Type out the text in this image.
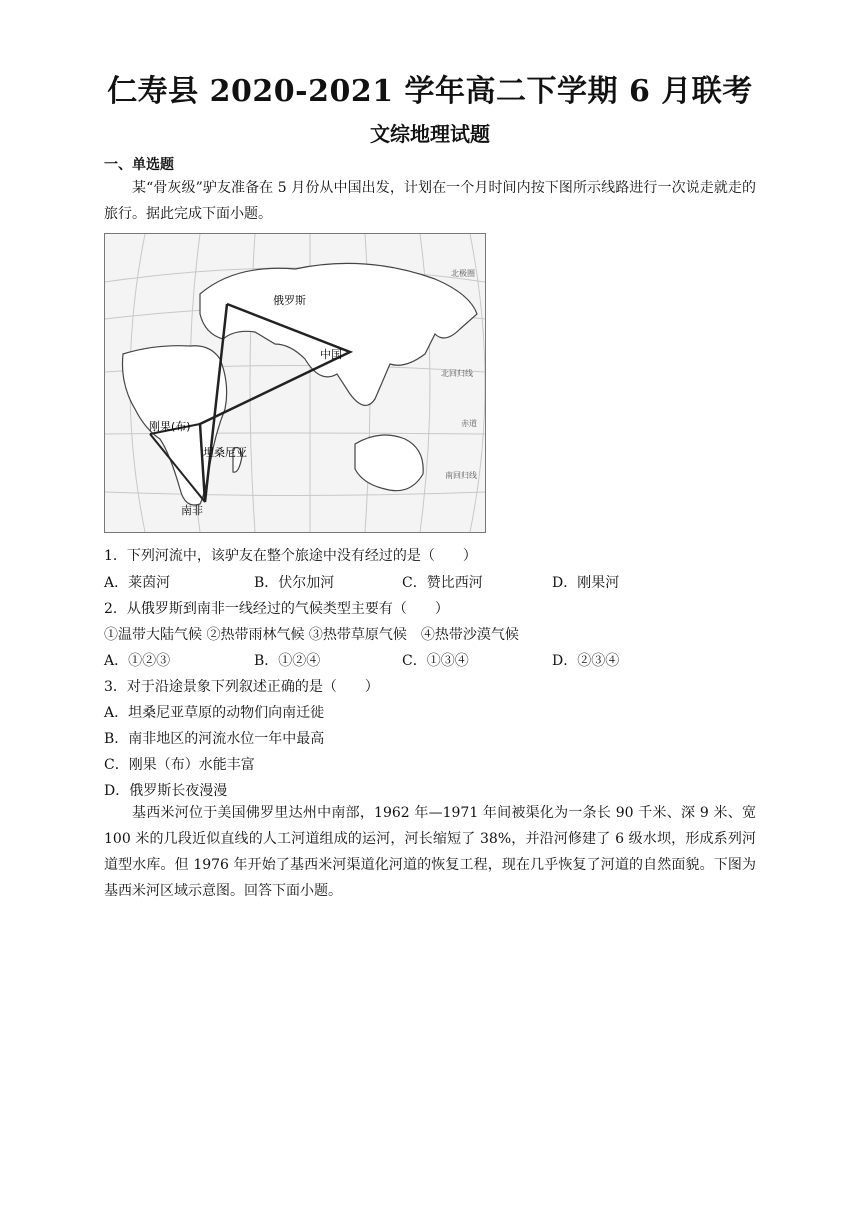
仁寿县 2020-2021 学年高二下学期 6 月联考
文综地理试题
一、单选题
某“骨灰级”驴友准备在 5 月份从中国出发，计划在一个月时间内按下图所示线路进行一次说走就走的旅行。据此完成下面小题。
俄罗斯
中国
刚果(布)
坦桑尼亚
南非
北极圈
北回归线
赤道
南回归线
1．下列河流中，该驴友在整个旅途中没有经过的是（　　）
A．莱茵河	B．伏尔加河	C．赞比西河	D．刚果河
2．从俄罗斯到南非一线经过的气候类型主要有（　　）
①温带大陆气候 ②热带雨林气候 ③热带草原气候　④热带沙漠气候
A．①②③	B．①②④	C．①③④	D．②③④
3．对于沿途景象下列叙述正确的是（　　）
A．坦桑尼亚草原的动物们向南迁徙
B．南非地区的河流水位一年中最高
C．刚果（布）水能丰富
D．俄罗斯长夜漫漫
基西米河位于美国佛罗里达州中南部，1962 年—1971 年间被渠化为一条长 90 千米、深 9 米、宽 100 米的几段近似直线的人工河道组成的运河，河长缩短了 38%，并沿河修建了 6 级水坝，形成系列河道型水库。但 1976 年开始了基西米河渠道化河道的恢复工程，现在几乎恢复了河道的自然面貌。下图为基西米河区域示意图。回答下面小题。
